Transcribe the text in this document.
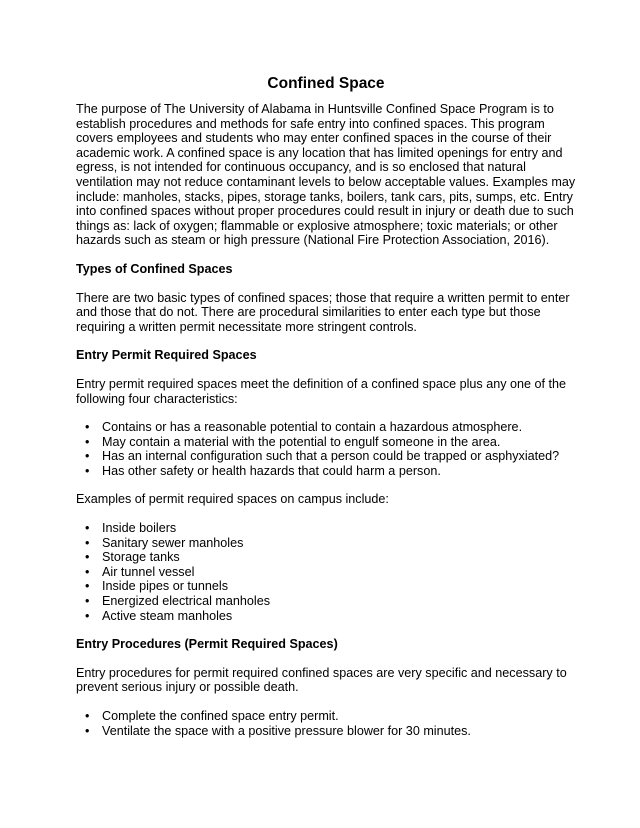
Confined Space

The purpose of The University of Alabama in Huntsville Confined Space Program is to establish procedures and methods for safe entry into confined spaces. This program covers employees and students who may enter confined spaces in the course of their academic work. A confined space is any location that has limited openings for entry and egress, is not intended for continuous occupancy, and is so enclosed that natural ventilation may not reduce contaminant levels to below acceptable values. Examples may include: manholes, stacks, pipes, storage tanks, boilers, tank cars, pits, sumps, etc. Entry into confined spaces without proper procedures could result in injury or death due to such things as: lack of oxygen; flammable or explosive atmosphere; toxic materials; or other hazards such as steam or high pressure (National Fire Protection Association, 2016).

Types of Confined Spaces

There are two basic types of confined spaces; those that require a written permit to enter and those that do not. There are procedural similarities to enter each type but those requiring a written permit necessitate more stringent controls.

Entry Permit Required Spaces

Entry permit required spaces meet the definition of a confined space plus any one of the following four characteristics:

• Contains or has a reasonable potential to contain a hazardous atmosphere.
• May contain a material with the potential to engulf someone in the area.
• Has an internal configuration such that a person could be trapped or asphyxiated?
• Has other safety or health hazards that could harm a person.

Examples of permit required spaces on campus include:

• Inside boilers
• Sanitary sewer manholes
• Storage tanks
• Air tunnel vessel
• Inside pipes or tunnels
• Energized electrical manholes
• Active steam manholes
Entry Procedures (Permit Required Spaces)

Entry procedures for permit required confined spaces are very specific and necessary to prevent serious injury or possible death.

• Complete the confined space entry permit.
• Ventilate the space with a positive pressure blower for 30 minutes.
